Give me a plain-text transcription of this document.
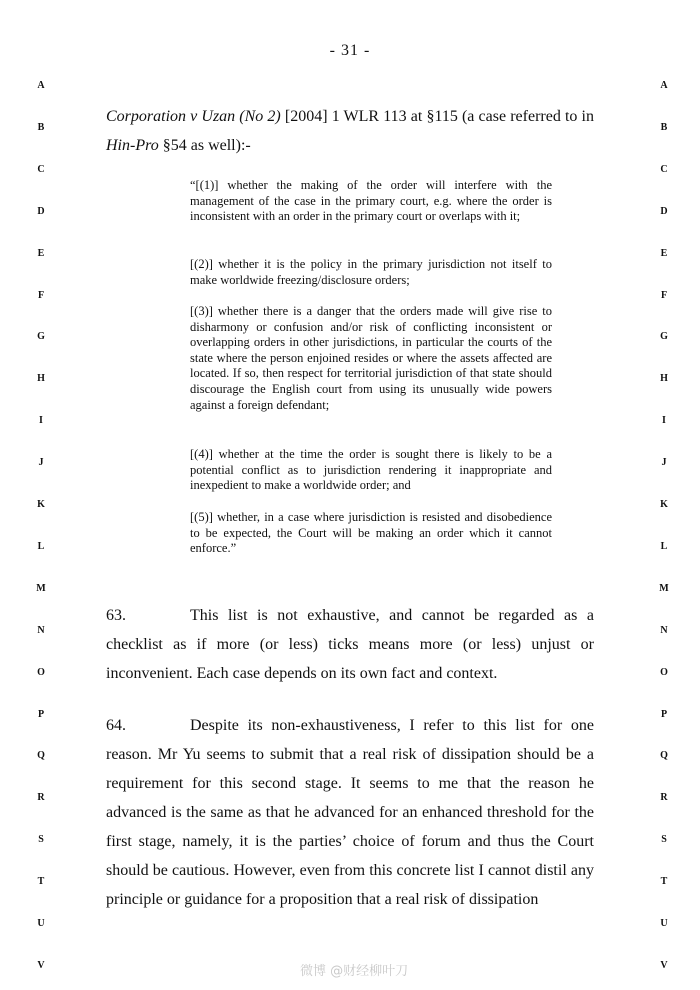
- 31 -
A	A
B	B
C	C
D	D
E	E
F	F
G	G
H	H
I	I
J	J
K	K
L	L
M	M
N	N
O	O
P	P
Q	Q
R	R
S	S
T	T
U	U
V	V

Corporation v Uzan (No 2) [2004] 1 WLR 113 at §115 (a case referred to in Hin-Pro §54 as well):-

“[(1)] whether the making of the order will interfere with the management of the case in the primary court, e.g. where the order is inconsistent with an order in the primary court or overlaps with it;

[(2)] whether it is the policy in the primary jurisdiction not itself to make worldwide freezing/disclosure orders;

[(3)] whether there is a danger that the orders made will give rise to disharmony or confusion and/or risk of conflicting inconsistent or overlapping orders in other jurisdictions, in particular the courts of the state where the person enjoined resides or where the assets affected are located. If so, then respect for territorial jurisdiction of that state should discourage the English court from using its unusually wide powers against a foreign defendant;

[(4)] whether at the time the order is sought there is likely to be a potential conflict as to jurisdiction rendering it inappropriate and inexpedient to make a worldwide order; and

[(5)] whether, in a case where jurisdiction is resisted and disobedience to be expected, the Court will be making an order which it cannot enforce.”

63.	This list is not exhaustive, and cannot be regarded as a checklist as if more (or less) ticks means more (or less) unjust or inconvenient. Each case depends on its own fact and context.

64.	Despite its non-exhaustiveness, I refer to this list for one reason. Mr Yu seems to submit that a real risk of dissipation should be a requirement for this second stage. It seems to me that the reason he advanced is the same as that he advanced for an enhanced threshold for the first stage, namely, it is the parties’ choice of forum and thus the Court should be cautious. However, even from this concrete list I cannot distil any principle or guidance for a proposition that a real risk of dissipation

微博 @财经柳叶刀
